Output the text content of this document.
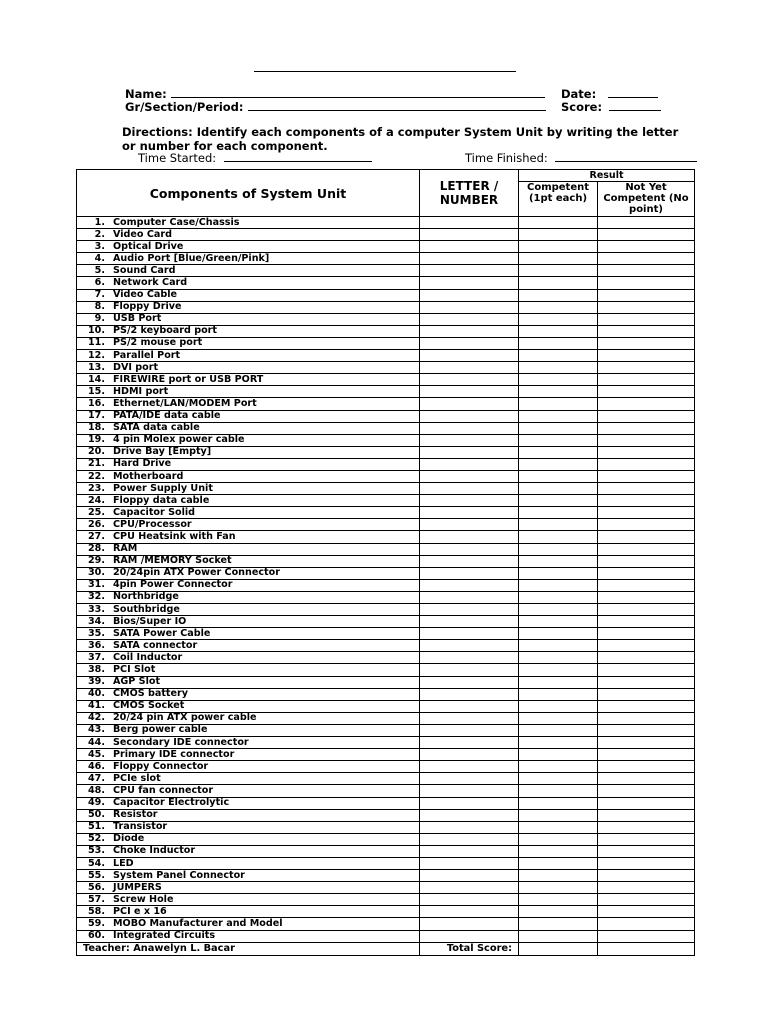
Name:	Date:
Gr/Section/Period:	Score:
Directions: Identify each components of a computer System Unit by writing the letter or number for each component.
Time Started:	Time Finished:
Components of System Unit	LETTER / NUMBER	Result	
		Competent (1pt each)	Not Yet Competent (No point)
1. Computer Case/Chassis			
2. Video Card			
3. Optical Drive			
4. Audio Port [Blue/Green/Pink]			
5. Sound Card			
6. Network Card			
7. Video Cable			
8. Floppy Drive			
9. USB Port			
10. PS/2 keyboard port			
11. PS/2 mouse port			
12. Parallel Port			
13. DVI port			
14. FIREWIRE port or USB PORT			
15. HDMI port			
16. Ethernet/LAN/MODEM Port			
17. PATA/IDE data cable			
18. SATA data cable			
19. 4 pin Molex power cable			
20. Drive Bay [Empty]			
21. Hard Drive			
22. Motherboard			
23. Power Supply Unit			
24. Floppy data cable			
25. Capacitor Solid			
26. CPU/Processor			
27. CPU Heatsink with Fan			
28. RAM			
29. RAM /MEMORY Socket			
30. 20/24pin ATX Power Connector			
31. 4pin Power Connector			
32. Northbridge			
33. Southbridge			
34. Bios/Super IO			
35. SATA Power Cable			
36. SATA connector			
37. Coil Inductor			
38. PCI Slot			
39. AGP Slot			
40. CMOS battery			
41. CMOS Socket			
42. 20/24 pin ATX power cable			
43. Berg power cable			
44. Secondary IDE connector			
45. Primary IDE connector			
46. Floppy Connector			
47. PCIe slot			
48. CPU fan connector			
49. Capacitor Electrolytic			
50. Resistor			
51. Transistor			
52. Diode			
53. Choke Inductor			
54. LED			
55. System Panel Connector			
56. JUMPERS			
57. Screw Hole			
58. PCI e x 16			
59. MOBO Manufacturer and Model			
60. Integrated Circuits			
Teacher: Anawelyn L. Bacar	Total Score:		
